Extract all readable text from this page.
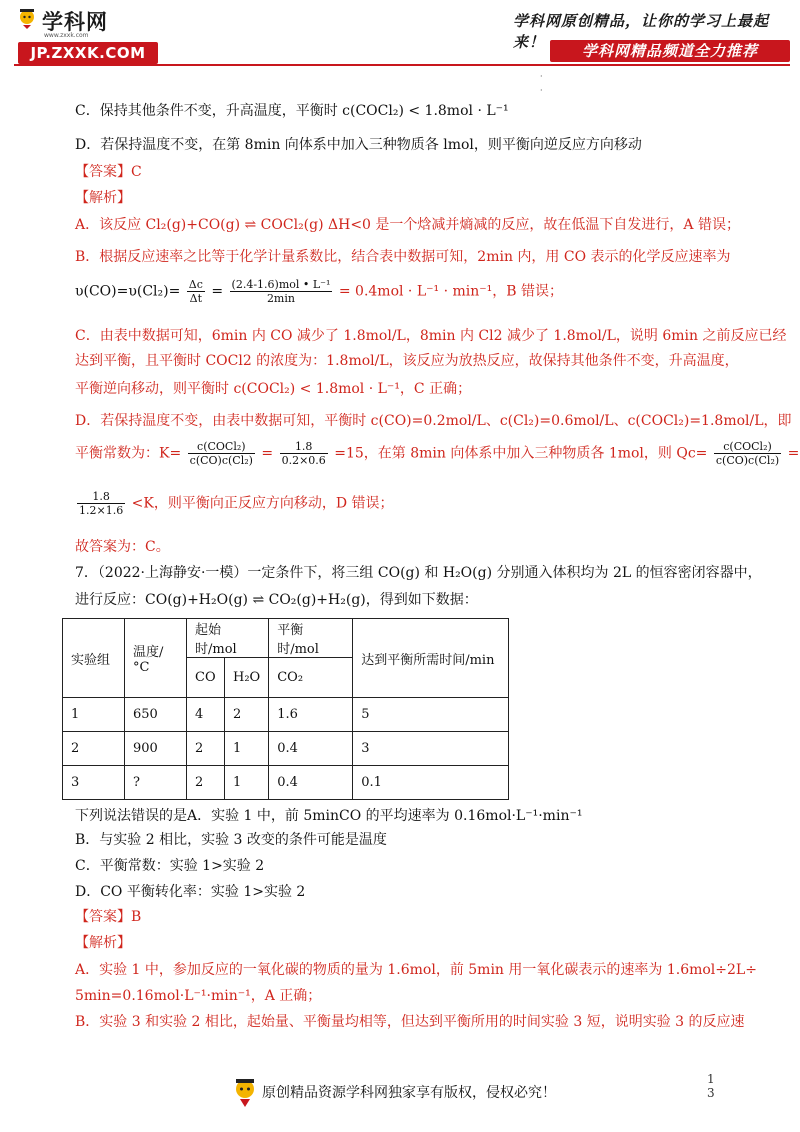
学科网
www.zxxk.com
JP.ZXXK.COM
学科网原创精品，让你的学习上最起来！	学科网精品频道全力推荐
·
·
C．保持其他条件不变，升高温度，平衡时 c(COCl₂) < 1.8mol · L⁻¹
D．若保持温度不变，在第 8min 向体系中加入三种物质各 lmol，则平衡向逆反应方向移动
【答案】C
【解析】
A．该反应 Cl₂(g)+CO(g) ⇌ COCl₂(g) ΔH<0 是一个焓减并熵减的反应，故在低温下自发进行，A 错误；
B．根据反应速率之比等于化学计量系数比，结合表中数据可知，2min 内，用 CO 表示的化学反应速率为
$\upsilon(CO)=\upsilon(Cl_2)= \frac{\Delta c}{\Delta t} = \frac{\text{(2.4-1.6)mol • L⁻¹}}{2\min} = 0.4mol \cdot L^{-1} \cdot \min^{-1}$，B 错误；
C．由表中数据可知，6min 内 CO 减少了 1.8mol/L，8min 内 Cl2 减少了 1.8mol/L，说明 6min 之前反应已经
达到平衡，且平衡时 COCl2 的浓度为：1.8mol/L，该反应为放热反应，故保持其他条件不变，升高温度，
平衡逆向移动，则平衡时 c(COCl₂) < 1.8mol · L⁻¹，C 正确；
D．若保持温度不变，由表中数据可知，平衡时 c(CO)=0.2mol/L、c(Cl₂)=0.6mol/L、c(COCl₂)=1.8mol/L，即
平衡常数为：$K= \frac{\text{c(COCl₂)}}{\text{c(CO)c(Cl₂)}} = \frac{1.8}{0.2\times 0.6} =15$，在第 8min 向体系中加入三种物质各 1mol，则 $Qc= \frac{\text{c(COCl₂)}}{\text{c(CO)c(Cl₂)}}$ =
$\frac{1.8}{1.2\times 1.6} <K$，则平衡向正反应方向移动，D 错误；
故答案为：C。
7．（2022·上海静安·一模）一定条件下，将三组 CO(g) 和 H₂O(g) 分别通入体积均为 2L 的恒容密闭容器中，
进行反应：CO(g)+H₂O(g) ⇌ CO₂(g)+H₂(g)，得到如下数据：
实验组	温度/°C	起始时/mol		平衡时/mol	达到平衡所需时间/min
		CO	H₂O	CO₂	
1	650	4	2	1.6	5
2	900	2	1	0.4	3
3	?	2	1	0.4	0.1
下列说法错误的是A．实验 1 中，前 5minCO 的平均速率为 0.16mol·L⁻¹·min⁻¹
B．与实验 2 相比，实验 3 改变的条件可能是温度
C．平衡常数：实验 1>实验 2
D．CO 平衡转化率：实验 1>实验 2
【答案】B
【解析】
A．实验 1 中，参加反应的一氧化碳的物质的量为 1.6mol，前 5min 用一氧化碳表示的速率为 1.6mol÷2L÷
5min=0.16mol·L⁻¹·min⁻¹，A 正确；
B．实验 3 和实验 2 相比，起始量、平衡量均相等，但达到平衡所用的时间实验 3 短，说明实验 3 的反应速
原创精品资源学科网独家享有版权，侵权必究！
1
3
